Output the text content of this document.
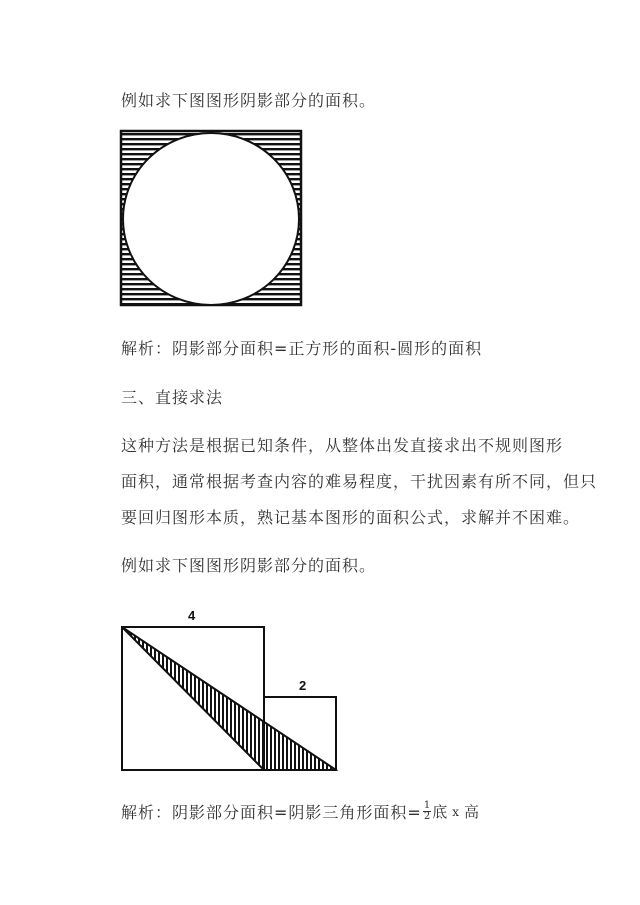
例如求下图图形阴影部分的面积。
解析：阴影部分面积=正方形的面积-圆形的面积
三、直接求法
这种方法是根据已知条件，从整体出发直接求出不规则图形
面积，通常根据考查内容的难易程度，干扰因素有所不同，但只
要回归图形本质，熟记基本图形的面积公式，求解并不困难。
例如求下图图形阴影部分的面积。
4
2
解析：阴影部分面积=阴影三角形面积= $\frac{1}{2}$ 底 x 高
